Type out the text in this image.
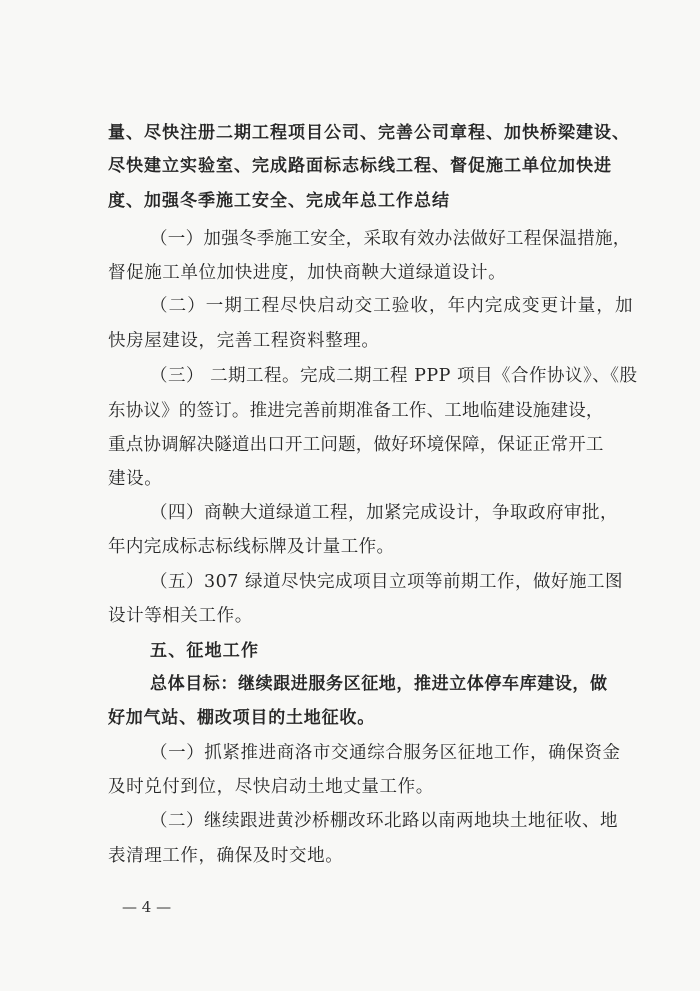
量、尽快注册二期工程项目公司、完善公司章程、加快桥梁建设、
尽快建立实验室、完成路面标志标线工程、督促施工单位加快进
度、加强冬季施工安全、完成年总工作总结
（一）加强冬季施工安全，采取有效办法做好工程保温措施，
督促施工单位加快进度，加快商鞅大道绿道设计。
（二）一期工程尽快启动交工验收，年内完成变更计量，加
快房屋建设，完善工程资料整理。
（三） 二期工程。完成二期工程 PPP 项目《合作协议》、《股
东协议》的签订。推进完善前期准备工作、工地临建设施建设，
重点协调解决隧道出口开工问题，做好环境保障，保证正常开工
建设。
（四）商鞅大道绿道工程，加紧完成设计，争取政府审批，
年内完成标志标线标牌及计量工作。
（五）307 绿道尽快完成项目立项等前期工作，做好施工图
设计等相关工作。
五、征地工作
总体目标：继续跟进服务区征地，推进立体停车库建设，做
好加气站、棚改项目的土地征收。
（一）抓紧推进商洛市交通综合服务区征地工作，确保资金
及时兑付到位，尽快启动土地丈量工作。
（二）继续跟进黄沙桥棚改环北路以南两地块土地征收、地
表清理工作，确保及时交地。
— 4 —
